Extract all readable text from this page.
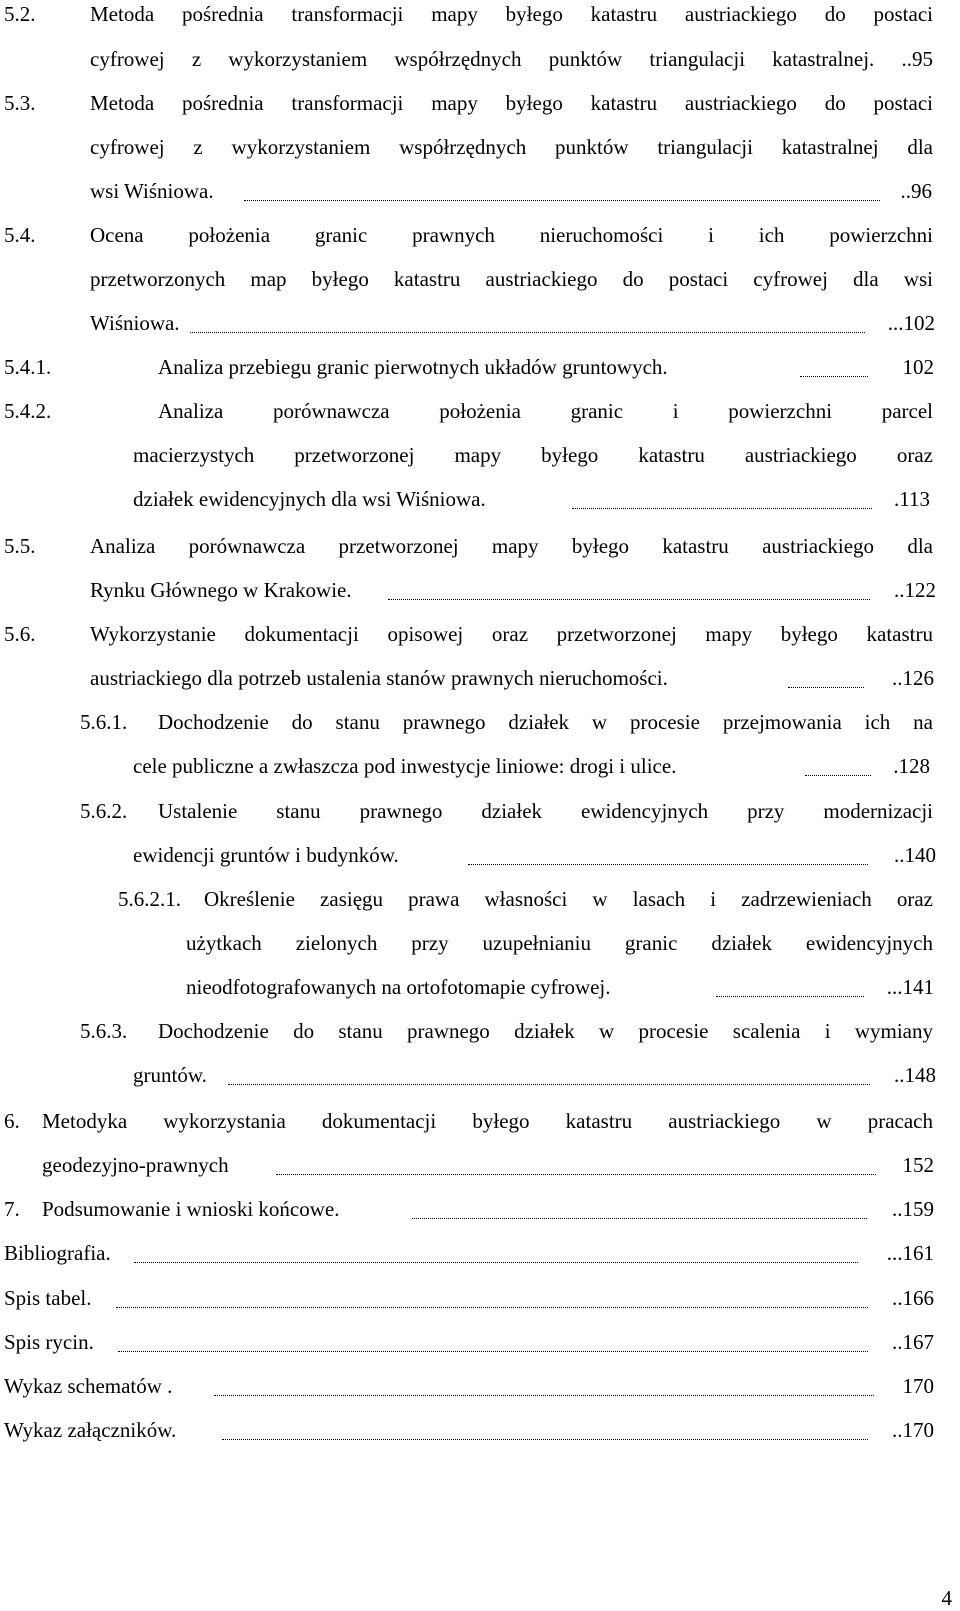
5.2.	Metoda pośrednia transformacji mapy byłego katastru austriackiego do postaci
cyfrowej z wykorzystaniem współrzędnych punktów triangulacji katastralnej. ..95
5.3.	Metoda pośrednia transformacji mapy byłego katastru austriackiego do postaci
cyfrowej z wykorzystaniem współrzędnych punktów triangulacji katastralnej dla
wsi Wiśniowa.	..96
5.4.	Ocena położenia granic prawnych nieruchomości i ich powierzchni
przetworzonych map byłego katastru austriackiego do postaci cyfrowej dla wsi
Wiśniowa.	...102
5.4.1.	Analiza przebiegu granic pierwotnych układów gruntowych.	102
5.4.2.	Analiza porównawcza położenia granic i powierzchni parcel
macierzystych przetworzonej mapy byłego katastru austriackiego oraz
działek ewidencyjnych dla wsi Wiśniowa.	.113
5.5.	Analiza porównawcza przetworzonej mapy byłego katastru austriackiego dla
Rynku Głównego w Krakowie.	..122
5.6.	Wykorzystanie dokumentacji opisowej oraz przetworzonej mapy byłego katastru
austriackiego dla potrzeb ustalenia stanów prawnych nieruchomości.	..126
5.6.1. Dochodzenie do stanu prawnego działek w procesie przejmowania ich na
cele publiczne a zwłaszcza pod inwestycje liniowe: drogi i ulice.	.128
5.6.2. Ustalenie stanu prawnego działek ewidencyjnych przy modernizacji
ewidencji gruntów i budynków.	..140
5.6.2.1. Określenie zasięgu prawa własności w lasach i zadrzewieniach oraz
użytkach zielonych przy uzupełnianiu granic działek ewidencyjnych
nieodfotografowanych na ortofotomapie cyfrowej.	...141
5.6.3. Dochodzenie do stanu prawnego działek w procesie scalenia i wymiany
gruntów.	..148
6. Metodyka wykorzystania dokumentacji byłego katastru austriackiego w pracach
geodezyjno-prawnych	152
7. Podsumowanie i wnioski końcowe.	..159
Bibliografia.	...161
Spis tabel.	..166
Spis rycin.	..167
Wykaz schematów .	170
Wykaz załączników.	..170
4
